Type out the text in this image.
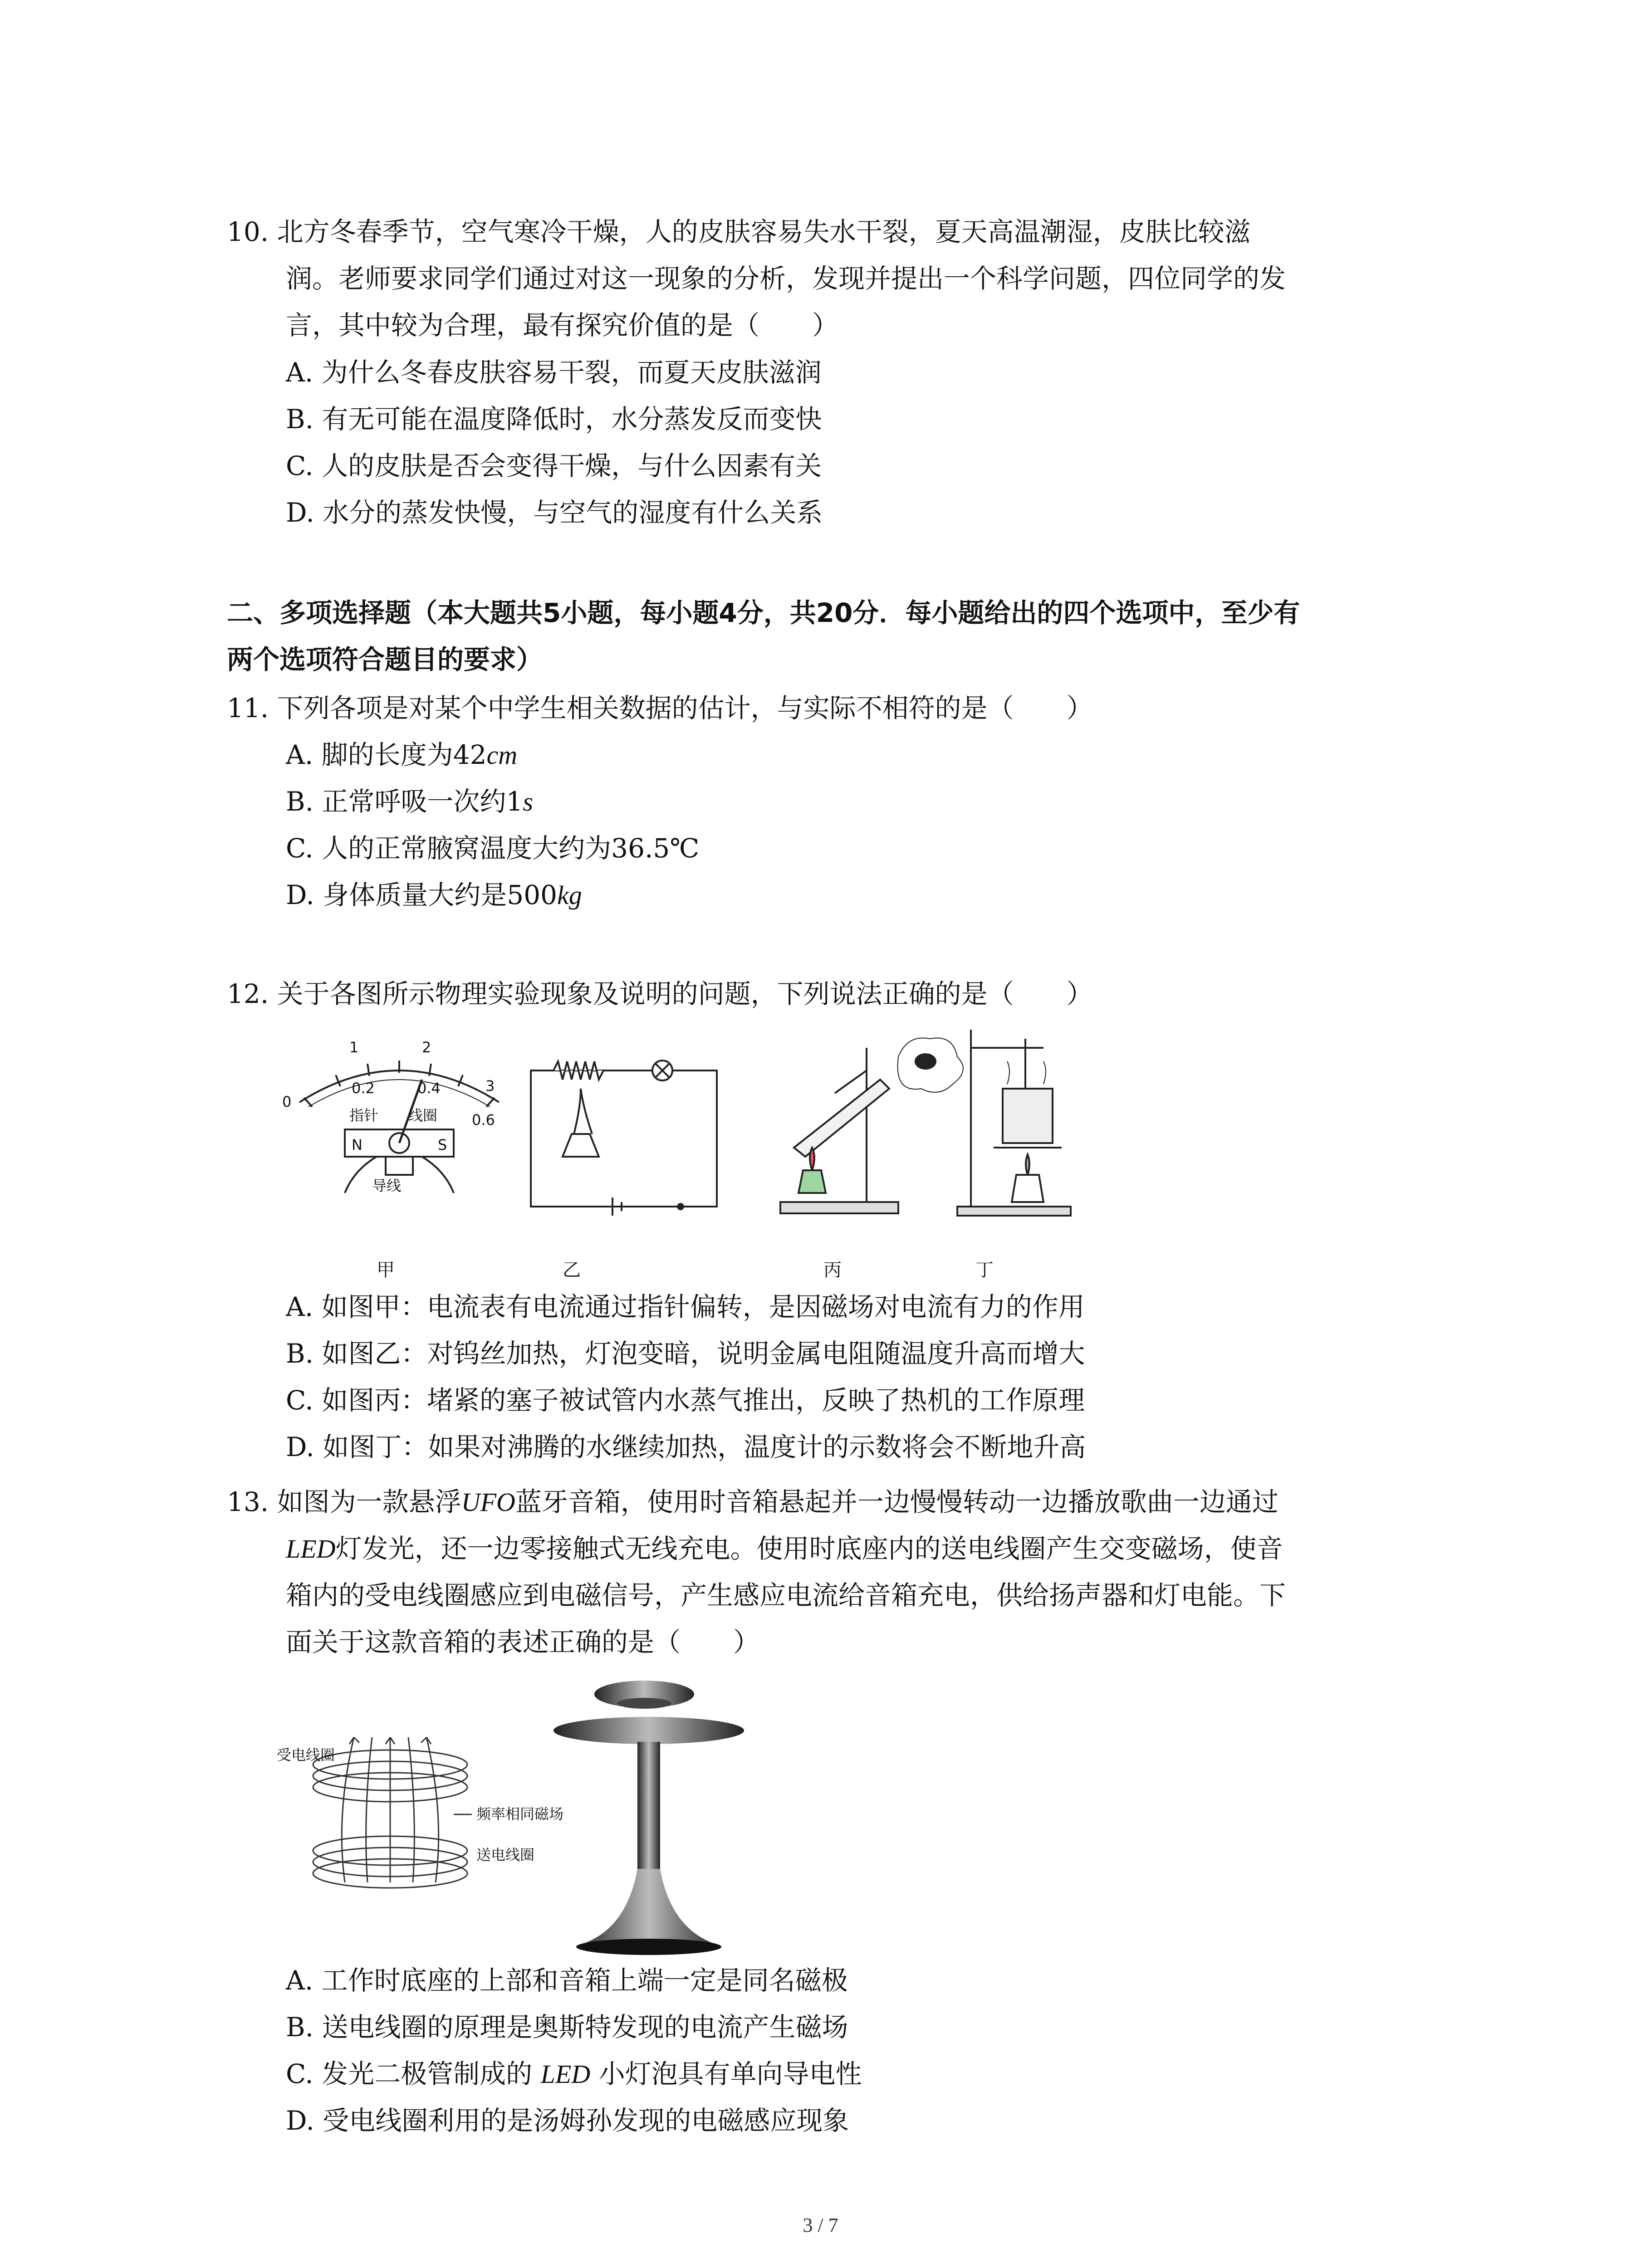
10. 北方冬春季节，空气寒冷干燥，人的皮肤容易失水干裂，夏天高温潮湿，皮肤比较滋
润。老师要求同学们通过对这一现象的分析，发现并提出一个科学问题，四位同学的发
言，其中较为合理，最有探究价值的是（　　）
A. 为什么冬春皮肤容易干裂，而夏天皮肤滋润
B. 有无可能在温度降低时，水分蒸发反而变快
C. 人的皮肤是否会变得干燥，与什么因素有关
D. 水分的蒸发快慢，与空气的湿度有什么关系
二、多项选择题（本大题共5小题，每小题4分，共20分．每小题给出的四个选项中，至少有
两个选项符合题目的要求）
11. 下列各项是对某个中学生相关数据的估计，与实际不相符的是（　　）
A. 脚的长度为42cm
B. 正常呼吸一次约1s
C. 人的正常腋窝温度大约为36.5℃
D. 身体质量大约是500kg
12. 关于各图所示物理实验现象及说明的问题，下列说法正确的是（　　）
0
1	2
3
0.2	0.4
0.6
指针 线圈
N	S
导线
甲	乙	丙	丁
A. 如图甲：电流表有电流通过指针偏转，是因磁场对电流有力的作用
B. 如图乙：对钨丝加热，灯泡变暗，说明金属电阻随温度升高而增大
C. 如图丙：堵紧的塞子被试管内水蒸气推出，反映了热机的工作原理
D. 如图丁：如果对沸腾的水继续加热，温度计的示数将会不断地升高
13. 如图为一款悬浮UFO蓝牙音箱，使用时音箱悬起并一边慢慢转动一边播放歌曲一边通过
LED灯发光，还一边零接触式无线充电。使用时底座内的送电线圈产生交变磁场，使音
箱内的受电线圈感应到电磁信号，产生感应电流给音箱充电，供给扬声器和灯电能。下
面关于这款音箱的表述正确的是（　　）
受电线圈
频率相同磁场
送电线圈
A. 工作时底座的上部和音箱上端一定是同名磁极
B. 送电线圈的原理是奥斯特发现的电流产生磁场
C. 发光二极管制成的 LED 小灯泡具有单向导电性
D. 受电线圈利用的是汤姆孙发现的电磁感应现象
3 / 7
